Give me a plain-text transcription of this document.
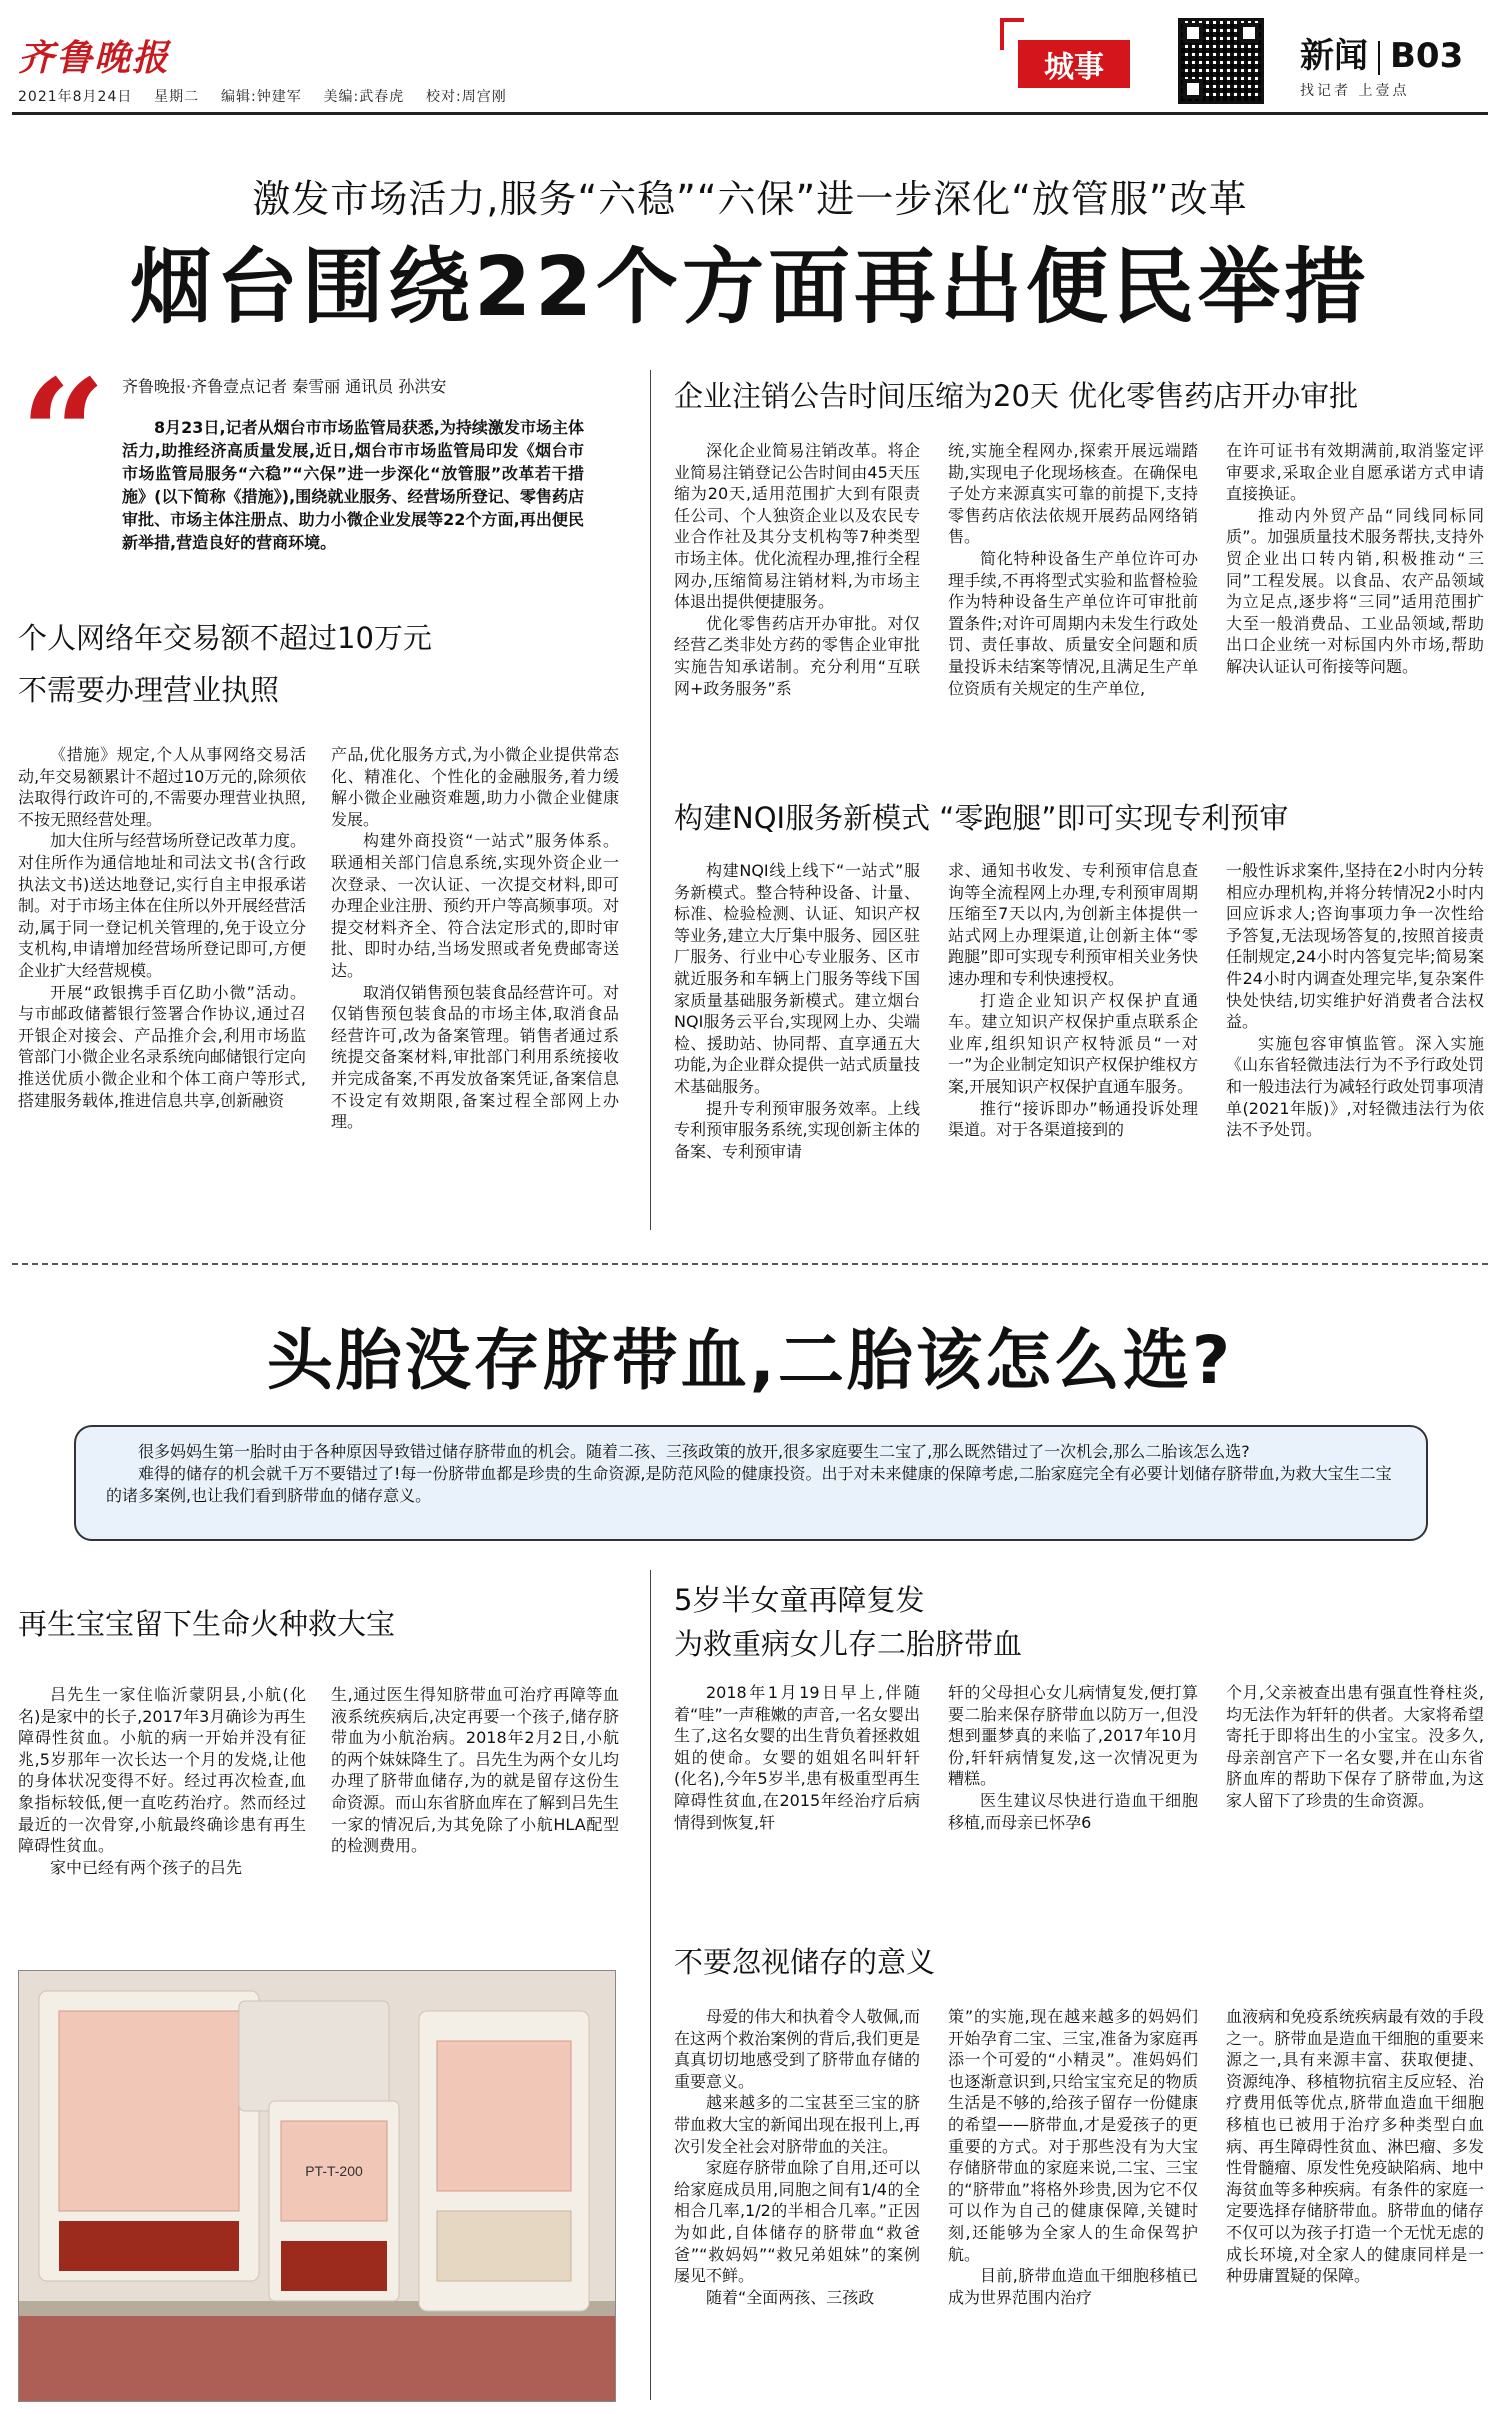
齐鲁晚报
2021年8月24日 星期二 编辑:钟建军 美编:武春虎 校对:周宫刚
城事	新闻 B03
找记者 上壹点
激发市场活力,服务“六稳”“六保”进一步深化“放管服”改革
烟台围绕22个方面再出便民举措
“ 齐鲁晚报·齐鲁壹点记者 秦雪丽 通讯员 孙洪安
8月23日,记者从烟台市市场监管局获悉,为持续激发市场主体活力,助推经济高质量发展,近日,烟台市市场监管局印发《烟台市市场监管局服务“六稳”“六保”进一步深化“放管服”改革若干措施》(以下简称《措施》),围绕就业服务、经营场所登记、零售药店审批、市场主体注册点、助力小微企业发展等22个方面,再出便民新举措,营造良好的营商环境。
个人网络年交易额不超过10万元
不需要办理营业执照

《措施》规定,个人从事网络交易活动,年交易额累计不超过10万元的,除须依法取得行政许可的,不需要办理营业执照,不按无照经营处理。

加大住所与经营场所登记改革力度。对住所作为通信地址和司法文书(含行政执法文书)送达地登记,实行自主申报承诺制。对于市场主体在住所以外开展经营活动,属于同一登记机关管理的,免于设立分支机构,申请增加经营场所登记即可,方便企业扩大经营规模。

开展“政银携手百亿助小微”活动。与市邮政储蓄银行签署合作协议,通过召开银企对接会、产品推介会,利用市场监管部门小微企业名录系统向邮储银行定向推送优质小微企业和个体工商户等形式,搭建服务载体,推进信息共享,创新融资

产品,优化服务方式,为小微企业提供常态化、精准化、个性化的金融服务,着力缓解小微企业融资难题,助力小微企业健康发展。

构建外商投资“一站式”服务体系。联通相关部门信息系统,实现外资企业一次登录、一次认证、一次提交材料,即可办理企业注册、预约开户等高频事项。对提交材料齐全、符合法定形式的,即时审批、即时办结,当场发照或者免费邮寄送达。

取消仅销售预包装食品经营许可。对仅销售预包装食品的市场主体,取消食品经营许可,改为备案管理。销售者通过系统提交备案材料,审批部门利用系统接收并完成备案,不再发放备案凭证,备案信息不设定有效期限,备案过程全部网上办理。

企业注销公告时间压缩为20天 优化零售药店开办审批

深化企业简易注销改革。将企业简易注销登记公告时间由45天压缩为20天,适用范围扩大到有限责任公司、个人独资企业以及农民专业合作社及其分支机构等7种类型市场主体。优化流程办理,推行全程网办,压缩简易注销材料,为市场主体退出提供便捷服务。

优化零售药店开办审批。对仅经营乙类非处方药的零售企业审批实施告知承诺制。充分利用“互联网+政务服务”系

统,实施全程网办,探索开展远端踏勘,实现电子化现场核查。在确保电子处方来源真实可靠的前提下,支持零售药店依法依规开展药品网络销售。

简化特种设备生产单位许可办理手续,不再将型式实验和监督检验作为特种设备生产单位许可审批前置条件;对许可周期内未发生行政处罚、责任事故、质量安全问题和质量投诉未结案等情况,且满足生产单位资质有关规定的生产单位,

在许可证书有效期满前,取消鉴定评审要求,采取企业自愿承诺方式申请直接换证。

推动内外贸产品“同线同标同质”。加强质量技术服务帮扶,支持外贸企业出口转内销,积极推动“三同”工程发展。以食品、农产品领域为立足点,逐步将“三同”适用范围扩大至一般消费品、工业品领域,帮助出口企业统一对标国内外市场,帮助解决认证认可衔接等问题。

构建NQI服务新模式 “零跑腿”即可实现专利预审

构建NQI线上线下“一站式”服务新模式。整合特种设备、计量、标准、检验检测、认证、知识产权等业务,建立大厅集中服务、园区驻厂服务、行业中心专业服务、区市就近服务和车辆上门服务等线下国家质量基础服务新模式。建立烟台NQI服务云平台,实现网上办、尖端检、援助站、协同帮、直享通五大功能,为企业群众提供一站式质量技术基础服务。

提升专利预审服务效率。上线专利预审服务系统,实现创新主体的备案、专利预审请

求、通知书收发、专利预审信息查询等全流程网上办理,专利预审周期压缩至7天以内,为创新主体提供一站式网上办理渠道,让创新主体“零跑腿”即可实现专利预审相关业务快速办理和专利快速授权。

打造企业知识产权保护直通车。建立知识产权保护重点联系企业库,组织知识产权特派员“一对一”为企业制定知识产权保护维权方案,开展知识产权保护直通车服务。

推行“接诉即办”畅通投诉处理渠道。对于各渠道接到的

一般性诉求案件,坚持在2小时内分转相应办理机构,并将分转情况2小时内回应诉求人;咨询事项力争一次性给予答复,无法现场答复的,按照首接责任制规定,24小时内答复完毕;简易案件24小时内调查处理完毕,复杂案件快处快结,切实维护好消费者合法权益。

实施包容审慎监管。深入实施《山东省轻微违法行为不予行政处罚和一般违法行为减轻行政处罚事项清单(2021年版)》,对轻微违法行为依法不予处罚。

头胎没存脐带血,二胎该怎么选?

很多妈妈生第一胎时由于各种原因导致错过储存脐带血的机会。随着二孩、三孩政策的放开,很多家庭要生二宝了,那么既然错过了一次机会,那么二胎该怎么选?

难得的储存的机会就千万不要错过了!每一份脐带血都是珍贵的生命资源,是防范风险的健康投资。出于对未来健康的保障考虑,二胎家庭完全有必要计划储存脐带血,为救大宝生二宝的诸多案例,也让我们看到脐带血的储存意义。

再生宝宝留下生命火种救大宝

吕先生一家住临沂蒙阴县,小航(化名)是家中的长子,2017年3月确诊为再生障碍性贫血。小航的病一开始并没有征兆,5岁那年一次长达一个月的发烧,让他的身体状况变得不好。经过再次检查,血象指标较低,便一直吃药治疗。然而经过最近的一次骨穿,小航最终确诊患有再生障碍性贫血。

家中已经有两个孩子的吕先

生,通过医生得知脐带血可治疗再障等血液系统疾病后,决定再要一个孩子,储存脐带血为小航治病。2018年2月2日,小航的两个妹妹降生了。吕先生为两个女儿均办理了脐带血储存,为的就是留存这份生命资源。而山东省脐血库在了解到吕先生一家的情况后,为其免除了小航HLA配型的检测费用。

PT-T-200
5岁半女童再障复发
为救重病女儿存二胎脐带血

2018年1月19日早上,伴随着“哇”一声稚嫩的声音,一名女婴出生了,这名女婴的出生背负着拯救姐姐的使命。女婴的姐姐名叫轩轩(化名),今年5岁半,患有极重型再生障碍性贫血,在2015年经治疗后病情得到恢复,轩

轩的父母担心女儿病情复发,便打算要二胎来保存脐带血以防万一,但没想到噩梦真的来临了,2017年10月份,轩轩病情复发,这一次情况更为糟糕。

医生建议尽快进行造血干细胞移植,而母亲已怀孕6

个月,父亲被查出患有强直性脊柱炎,均无法作为轩轩的供者。大家将希望寄托于即将出生的小宝宝。没多久,母亲剖宫产下一名女婴,并在山东省脐血库的帮助下保存了脐带血,为这家人留下了珍贵的生命资源。

不要忽视储存的意义

母爱的伟大和执着令人敬佩,而在这两个救治案例的背后,我们更是真真切切地感受到了脐带血存储的重要意义。

越来越多的二宝甚至三宝的脐带血救大宝的新闻出现在报刊上,再次引发全社会对脐带血的关注。

家庭存脐带血除了自用,还可以给家庭成员用,同胞之间有1/4的全相合几率,1/2的半相合几率。”正因为如此,自体储存的脐带血“救爸爸”“救妈妈”“救兄弟姐妹”的案例屡见不鲜。

随着“全面两孩、三孩政

策”的实施,现在越来越多的妈妈们开始孕育二宝、三宝,准备为家庭再添一个可爱的“小精灵”。准妈妈们也逐渐意识到,只给宝宝充足的物质生活是不够的,给孩子留存一份健康的希望——脐带血,才是爱孩子的更重要的方式。对于那些没有为大宝存储脐带血的家庭来说,二宝、三宝的“脐带血”将格外珍贵,因为它不仅可以作为自己的健康保障,关键时刻,还能够为全家人的生命保驾护航。

目前,脐带血造血干细胞移植已成为世界范围内治疗

血液病和免疫系统疾病最有效的手段之一。脐带血是造血干细胞的重要来源之一,具有来源丰富、获取便捷、资源纯净、移植物抗宿主反应轻、治疗费用低等优点,脐带血造血干细胞移植也已被用于治疗多种类型白血病、再生障碍性贫血、淋巴瘤、多发性骨髓瘤、原发性免疫缺陷病、地中海贫血等多种疾病。有条件的家庭一定要选择存储脐带血。脐带血的储存不仅可以为孩子打造一个无忧无虑的成长环境,对全家人的健康同样是一种毋庸置疑的保障。
